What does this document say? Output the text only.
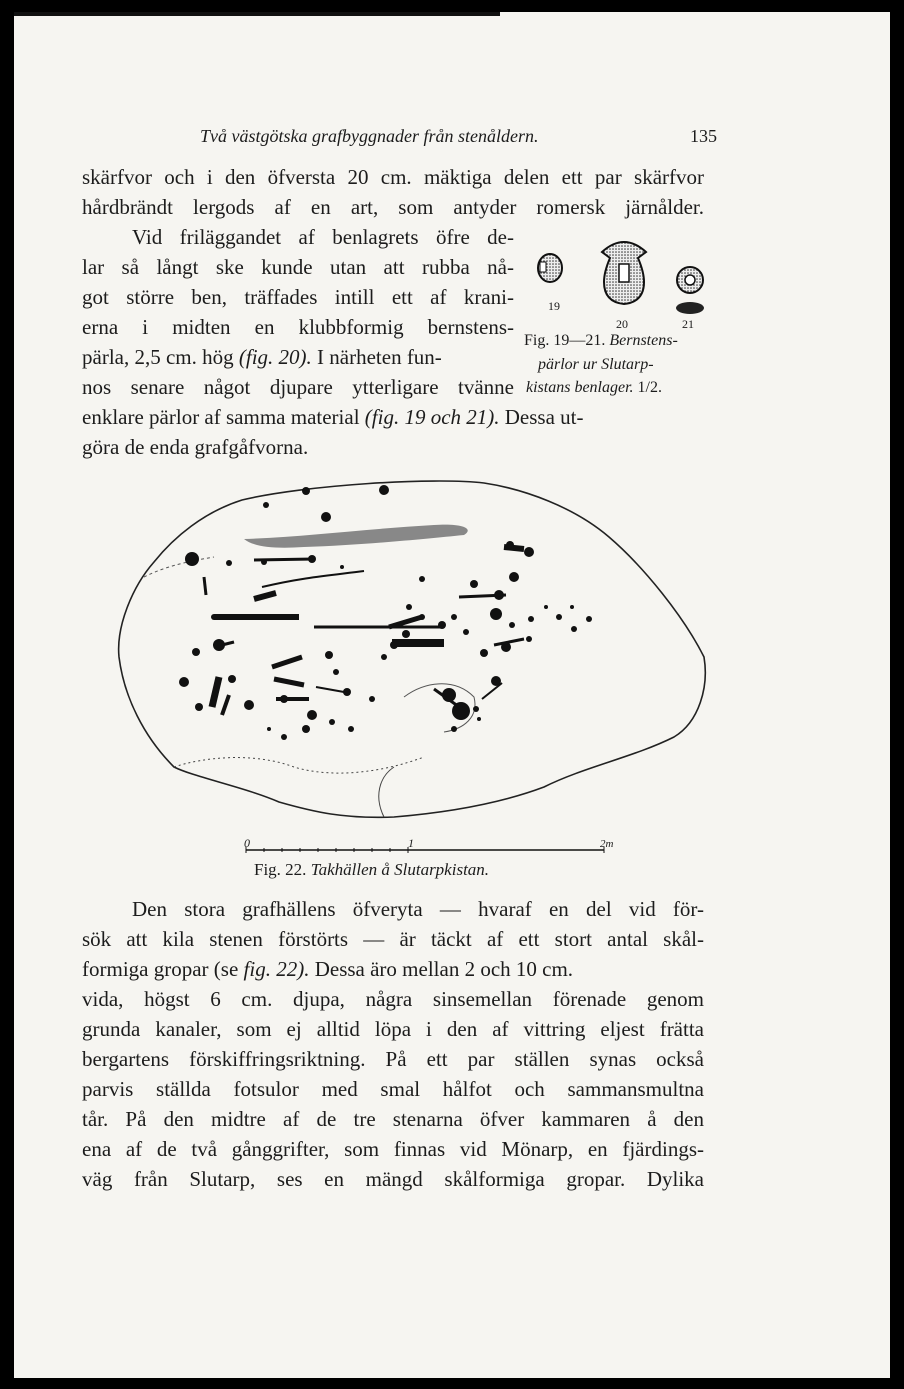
Två västgötska grafbyggnader från stenåldern.	135
skärfvor och i den öfversta 20 cm. mäktiga delen ett par skärfvor
hårdbrändt lergods af en art, som antyder romersk järnålder.
Vid friläggandet af benlagrets öfre de-
lar så långt ske kunde utan att rubba nå-
got större ben, träffades intill ett af krani-
erna i midten en klubbformig bernstens-
pärla, 2,5 cm. hög (fig. 20). I närheten fun-
nos senare något djupare ytterligare tvänne
enklare pärlor af samma material (fig. 19 och 21). Dessa ut-
göra de enda grafgåfvorna.
19
20	21
Fig. 19—21. Bernstens-
pärlor ur Slutarp-
kistans benlager. 1/2.
0	1	2m
Fig. 22. Takhällen å Slutarpkistan.
Den stora grafhällens öfveryta — hvaraf en del vid för-
sök att kila stenen förstörts — är täckt af ett stort antal skål-
formiga gropar (se fig. 22). Dessa äro mellan 2 och 10 cm.
vida, högst 6 cm. djupa, några sinsemellan förenade genom
grunda kanaler, som ej alltid löpa i den af vittring eljest frätta
bergartens förskiffringsriktning. På ett par ställen synas också
parvis ställda fotsulor med smal hålfot och sammansmultna
tår. På den midtre af de tre stenarna öfver kammaren å den
ena af de två gånggrifter, som finnas vid Mönarp, en fjärdings-
väg från Slutarp, ses en mängd skålformiga gropar. Dylika
